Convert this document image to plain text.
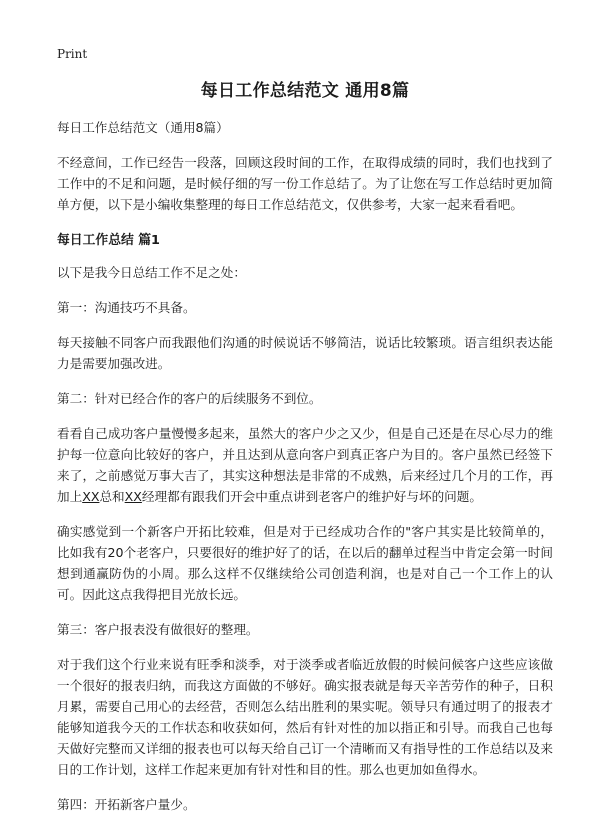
Print
每日工作总结范文 通用8篇

每日工作总结范文（通用8篇）

不经意间，工作已经告一段落，回顾这段时间的工作，在取得成绩的同时，我们也找到了工作中的不足和问题，是时候仔细的写一份工作总结了。为了让您在写工作总结时更加简单方便，以下是小编收集整理的每日工作总结范文，仅供参考，大家一起来看看吧。

每日工作总结 篇1

以下是我今日总结工作不足之处：

第一：沟通技巧不具备。

每天接触不同客户而我跟他们沟通的时候说话不够简洁，说话比较繁琐。语言组织表达能力是需要加强改进。

第二：针对已经合作的客户的后续服务不到位。

看看自己成功客户量慢慢多起来，虽然大的客户少之又少，但是自己还是在尽心尽力的维护每一位意向比较好的客户，并且达到从意向客户到真正客户为目的。客户虽然已经签下来了，之前感觉万事大吉了，其实这种想法是非常的不成熟，后来经过几个月的工作，再加上XX总和XX经理都有跟我们开会中重点讲到老客户的维护好与坏的问题。

确实感觉到一个新客户开拓比较难，但是对于已经成功合作的"客户其实是比较简单的，比如我有20个老客户，只要很好的维护好了的话，在以后的翻单过程当中肯定会第一时间想到通赢防伪的小周。那么这样不仅继续给公司创造利润，也是对自己一个工作上的认可。因此这点我得把目光放长远。

第三：客户报表没有做很好的整理。

对于我们这个行业来说有旺季和淡季，对于淡季或者临近放假的时候问候客户这些应该做一个很好的报表归纳，而我这方面做的不够好。确实报表就是每天辛苦劳作的种子，日积月累，需要自己用心的去经营，否则怎么结出胜利的果实呢。领导只有通过明了的报表才能够知道我今天的工作状态和收获如何，然后有针对性的加以指正和引导。而我自己也每天做好完整而又详细的报表也可以每天给自己订一个清晰而又有指导性的工作总结以及来日的工作计划，这样工作起来更加有针对性和目的性。那么也更加如鱼得水。

第四：开拓新客户量少。
